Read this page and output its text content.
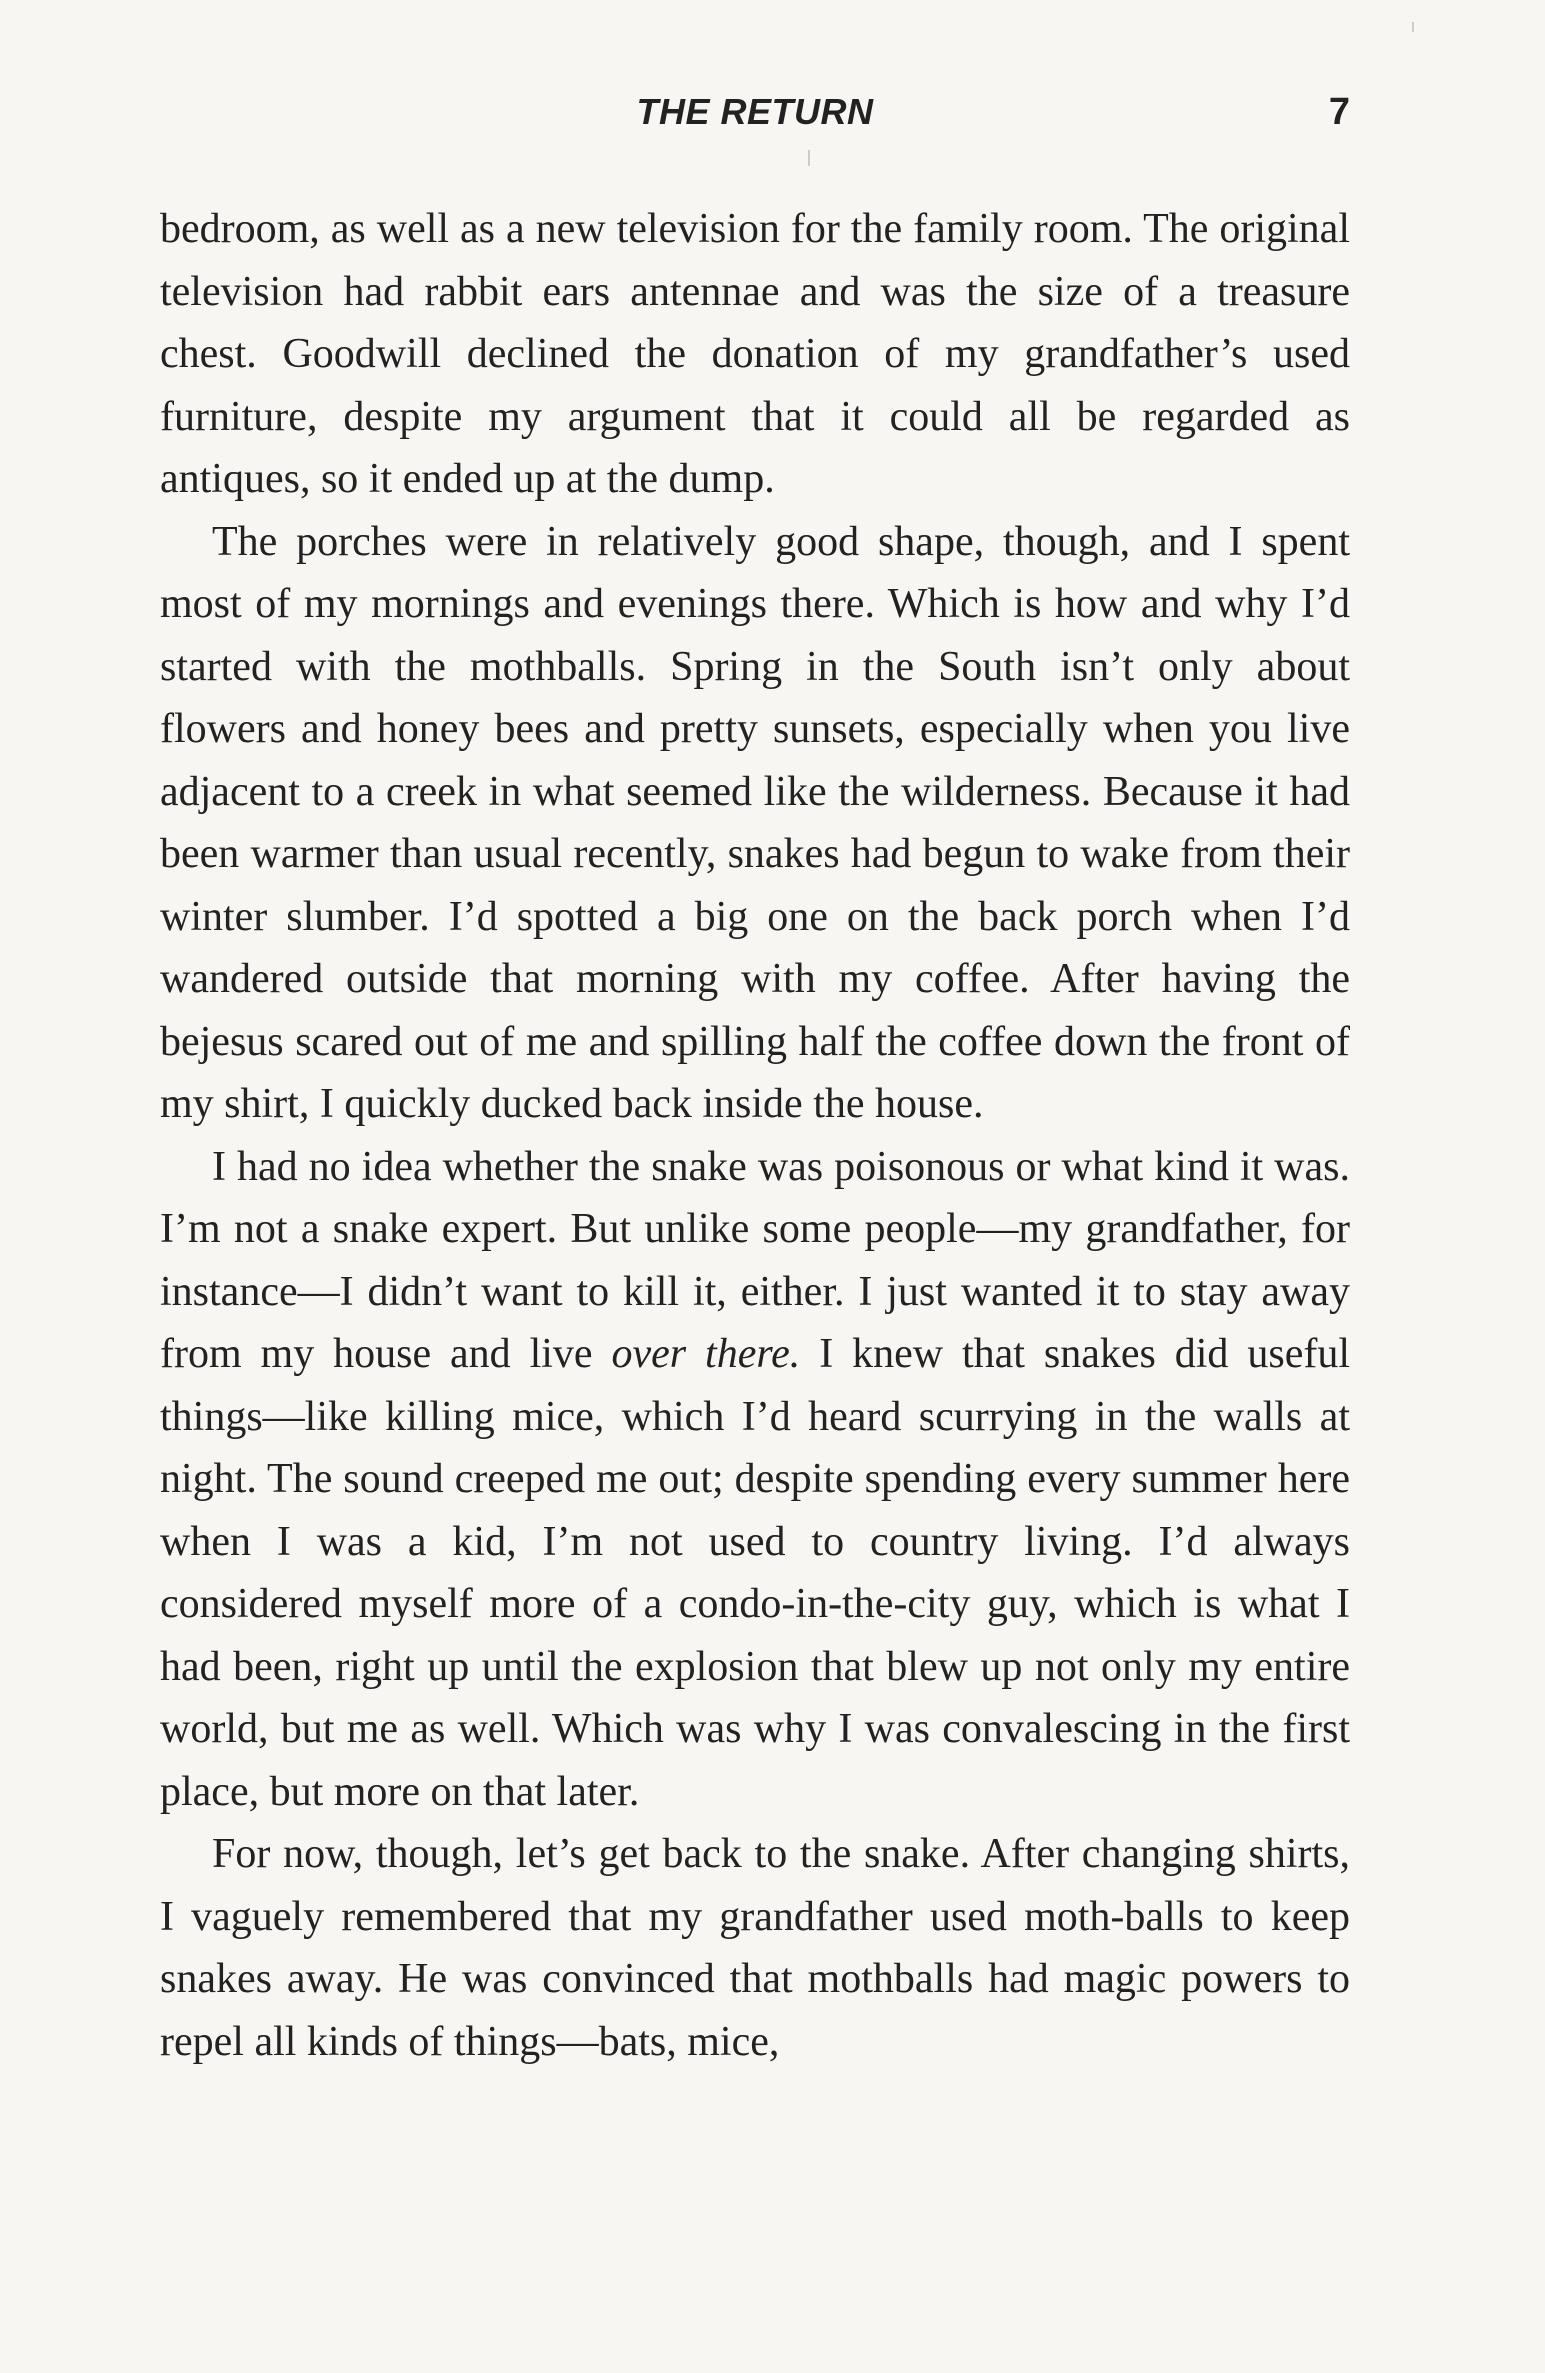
THE RETURN	7

bedroom, as well as a new television for the family room. The original television had rabbit ears antennae and was the size of a treasure chest. Goodwill declined the donation of my grandfather’s used furniture, despite my argument that it could all be regarded as antiques, so it ended up at the dump.

The porches were in relatively good shape, though, and I spent most of my mornings and evenings there. Which is how and why I’d started with the mothballs. Spring in the South isn’t only about flowers and honey bees and pretty sunsets, especially when you live adjacent to a creek in what seemed like the wilderness. Because it had been warmer than usual recently, snakes had begun to wake from their winter slumber. I’d spotted a big one on the back porch when I’d wandered outside that morning with my coffee. After having the bejesus scared out of me and spilling half the coffee down the front of my shirt, I quickly ducked back inside the house.

I had no idea whether the snake was poisonous or what kind it was. I’m not a snake expert. But unlike some people—my grandfather, for instance—I didn’t want to kill it, either. I just wanted it to stay away from my house and live over there. I knew that snakes did useful things—like killing mice, which I’d heard scurrying in the walls at night. The sound creeped me out; despite spending every summer here when I was a kid, I’m not used to country living. I’d always considered myself more of a condo-in-the-city guy, which is what I had been, right up until the explosion that blew up not only my entire world, but me as well. Which was why I was convalescing in the first place, but more on that later.

For now, though, let’s get back to the snake. After changing shirts, I vaguely remembered that my grandfather used moth-balls to keep snakes away. He was convinced that mothballs had magic powers to repel all kinds of things—bats, mice,
